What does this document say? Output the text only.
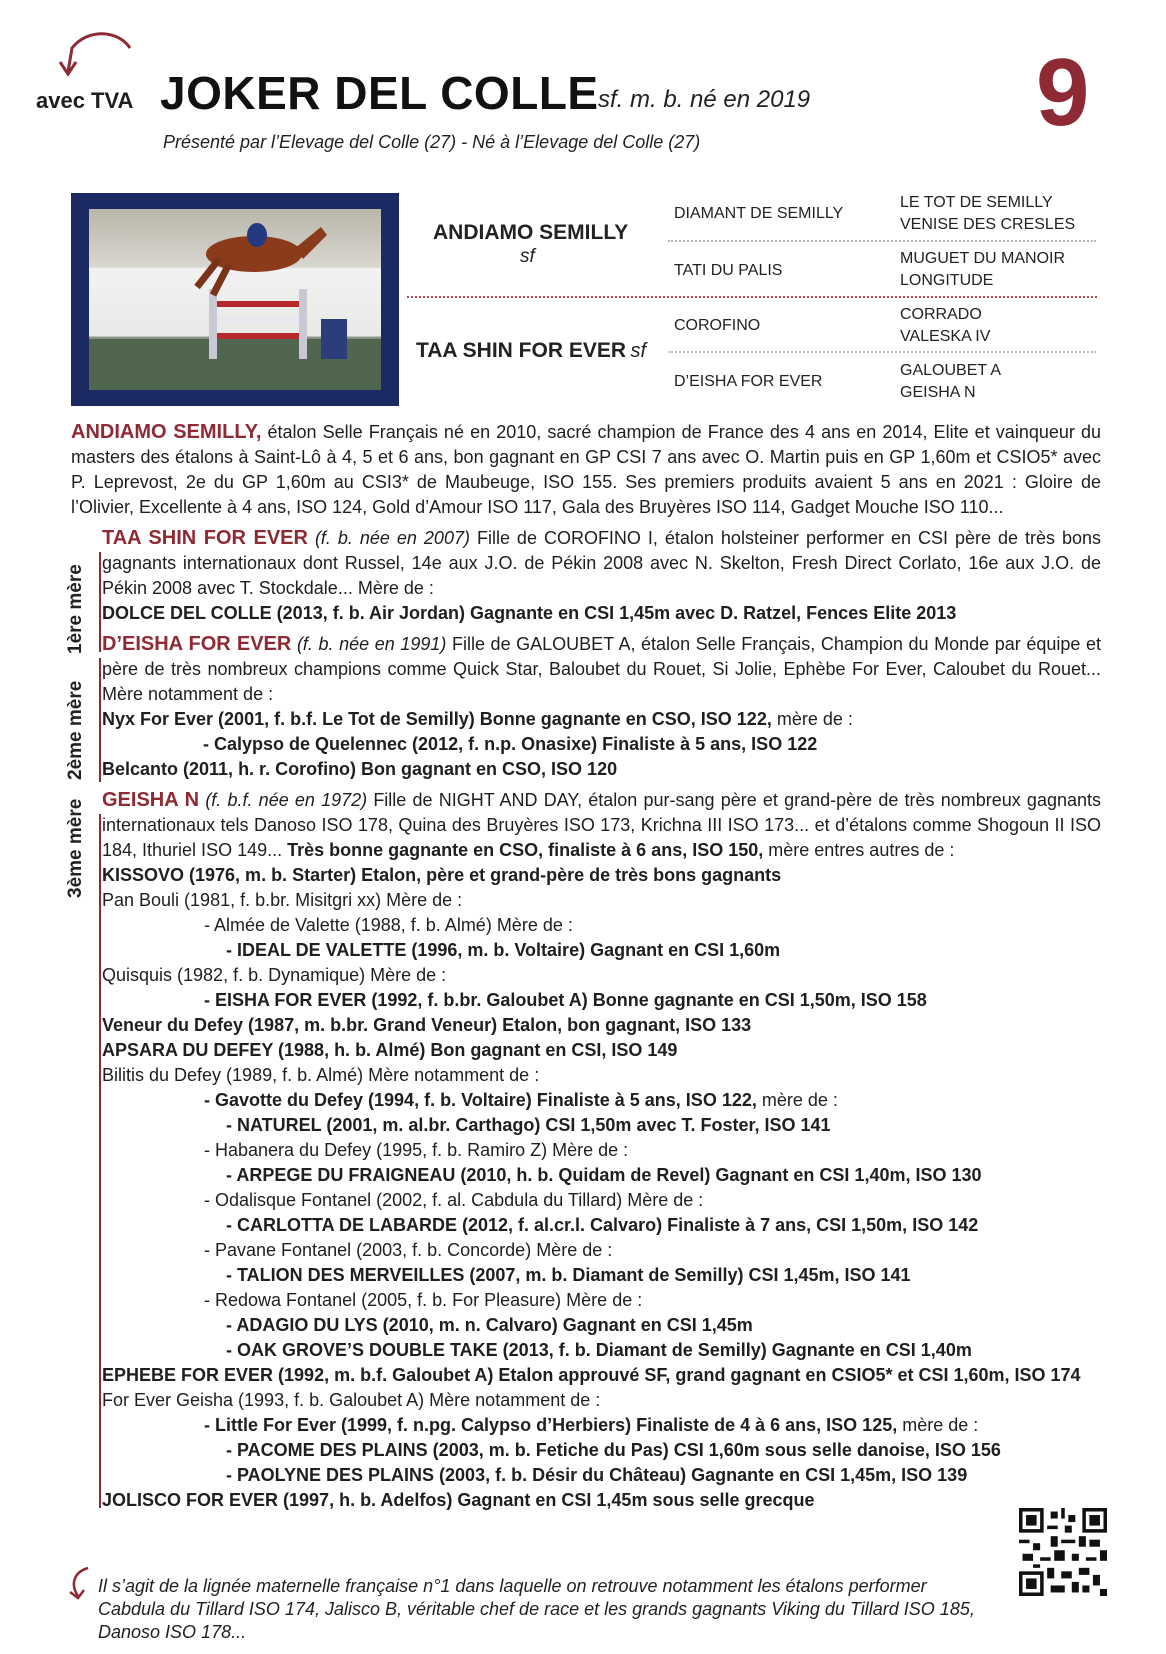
avec TVA JOKER DEL COLLE sf. m. b. né en 2019 9
Présenté par l’Elevage del Colle (27) - Né à l’Elevage del Colle (27)
ANDIAMO SEMILLY
sf
TAA SHIN FOR EVER sf
DIAMANT DE SEMILLY
TATI DU PALIS
COROFINO
D’EISHA FOR EVER
LE TOT DE SEMILLY
VENISE DES CRESLES
MUGUET DU MANOIR
LONGITUDE
CORRADO
VALESKA IV
GALOUBET A
GEISHA N

ANDIAMO SEMILLY, étalon Selle Français né en 2010, sacré champion de France des 4 ans en 2014, Elite et vainqueur du masters des étalons à Saint-Lô à 4, 5 et 6 ans, bon gagnant en GP CSI 7 ans avec O. Martin puis en GP 1,60m et CSIO5* avec P. Leprevost, 2e du GP 1,60m au CSI3* de Maubeuge, ISO 155. Ses premiers produits avaient 5 ans en 2021 : Gloire de l’Olivier, Excellente à 4 ans, ISO 124, Gold d’Amour ISO 117, Gala des Bruyères ISO 114, Gadget Mouche ISO 110...

1ère mère

TAA SHIN FOR EVER (f. b. née en 2007) Fille de COROFINO I, étalon holsteiner performer en CSI père de très bons gagnants internationaux dont Russel, 14e aux J.O. de Pékin 2008 avec N. Skelton, Fresh Direct Corlato, 16e aux J.O. de Pékin 2008 avec T. Stockdale... Mère de :

DOLCE DEL COLLE (2013, f. b. Air Jordan) Gagnante en CSI 1,45m avec D. Ratzel, Fences Elite 2013

2ème mère

D’EISHA FOR EVER (f. b. née en 1991) Fille de GALOUBET A, étalon Selle Français, Champion du Monde par équipe et père de très nombreux champions comme Quick Star, Baloubet du Rouet, Si Jolie, Ephèbe For Ever, Caloubet du Rouet... Mère notamment de :

Nyx For Ever (2001, f. b.f. Le Tot de Semilly) Bonne gagnante en CSO, ISO 122, mère de :

- Calypso de Quelennec (2012, f. n.p. Onasixe) Finaliste à 5 ans, ISO 122

Belcanto (2011, h. r. Corofino) Bon gagnant en CSO, ISO 120

3ème mère GEISHA N (f. b.f. née en 1972) Fille de NIGHT AND DAY, étalon pur-sang père et grand-père de très nombreux gagnants internationaux tels Danoso ISO 178, Quina des Bruyères ISO 173, Krichna III ISO 173... et d’étalons comme Shogoun II ISO 184, Ithuriel ISO 149... Très bonne gagnante en CSO, finaliste à 6 ans, ISO 150, mère entres autres de :

KISSOVO (1976, m. b. Starter) Etalon, père et grand-père de très bons gagnants

Pan Bouli (1981, f. b.br. Misitgri xx) Mère de :

- Almée de Valette (1988, f. b. Almé) Mère de :

- IDEAL DE VALETTE (1996, m. b. Voltaire) Gagnant en CSI 1,60m

Quisquis (1982, f. b. Dynamique) Mère de :

- EISHA FOR EVER (1992, f. b.br. Galoubet A) Bonne gagnante en CSI 1,50m, ISO 158

Veneur du Defey (1987, m. b.br. Grand Veneur) Etalon, bon gagnant, ISO 133

APSARA DU DEFEY (1988, h. b. Almé) Bon gagnant en CSI, ISO 149

Bilitis du Defey (1989, f. b. Almé) Mère notamment de :

- Gavotte du Defey (1994, f. b. Voltaire) Finaliste à 5 ans, ISO 122, mère de :

- NATUREL (2001, m. al.br. Carthago) CSI 1,50m avec T. Foster, ISO 141

- Habanera du Defey (1995, f. b. Ramiro Z) Mère de :

- ARPEGE DU FRAIGNEAU (2010, h. b. Quidam de Revel) Gagnant en CSI 1,40m, ISO 130

- Odalisque Fontanel (2002, f. al. Cabdula du Tillard) Mère de :

- CARLOTTA DE LABARDE (2012, f. al.cr.l. Calvaro) Finaliste à 7 ans, CSI 1,50m, ISO 142

- Pavane Fontanel (2003, f. b. Concorde) Mère de :

- TALION DES MERVEILLES (2007, m. b. Diamant de Semilly) CSI 1,45m, ISO 141

- Redowa Fontanel (2005, f. b. For Pleasure) Mère de :

- ADAGIO DU LYS (2010, m. n. Calvaro) Gagnant en CSI 1,45m

- OAK GROVE’S DOUBLE TAKE (2013, f. b. Diamant de Semilly) Gagnante en CSI 1,40m

EPHEBE FOR EVER (1992, m. b.f. Galoubet A) Etalon approuvé SF, grand gagnant en CSIO5* et CSI 1,60m, ISO 174

For Ever Geisha (1993, f. b. Galoubet A) Mère notamment de :

- Little For Ever (1999, f. n.pg. Calypso d’Herbiers) Finaliste de 4 à 6 ans, ISO 125, mère de :

- PACOME DES PLAINS (2003, m. b. Fetiche du Pas) CSI 1,60m sous selle danoise, ISO 156

- PAOLYNE DES PLAINS (2003, f. b. Désir du Château) Gagnante en CSI 1,45m, ISO 139

JOLISCO FOR EVER (1997, h. b. Adelfos) Gagnant en CSI 1,45m sous selle grecque

Il s’agit de la lignée maternelle française n°1 dans laquelle on retrouve notamment les étalons performer Cabdula du Tillard ISO 174, Jalisco B, véritable chef de race et les grands gagnants Viking du Tillard ISO 185, Danoso ISO 178...
